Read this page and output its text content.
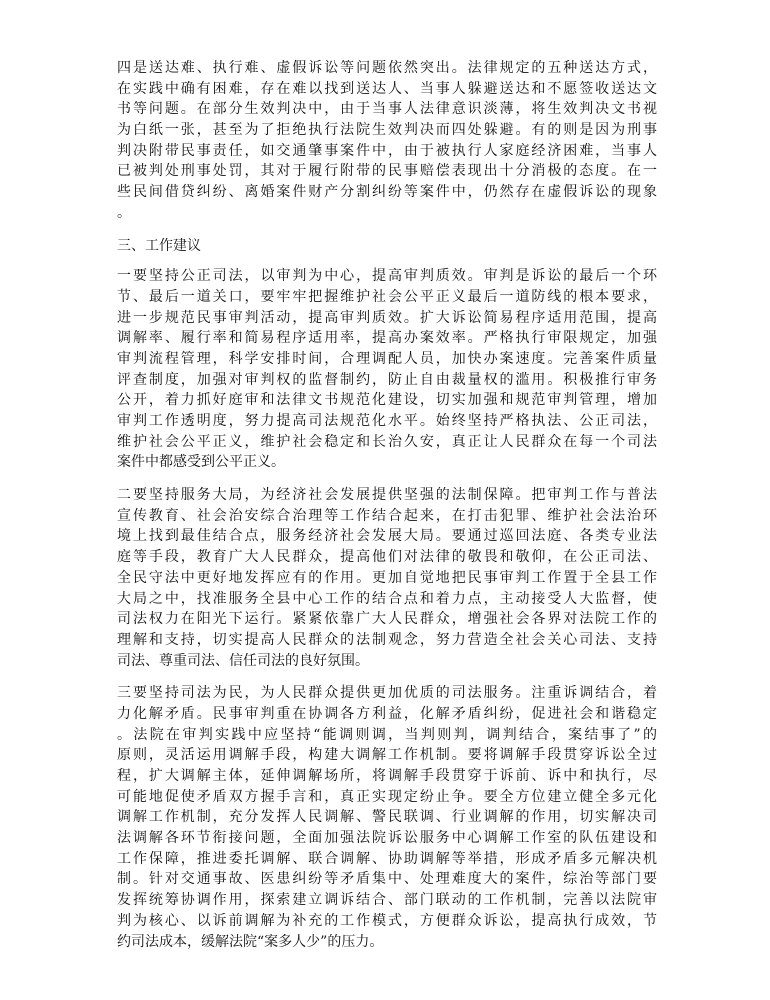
四是送达难、执行难、虚假诉讼等问题依然突出。法律规定的五种送达方式，
在实践中确有困难，存在难以找到送达人、当事人躲避送达和不愿签收送达文
书等问题。在部分生效判决中，由于当事人法律意识淡薄，将生效判决文书视
为白纸一张，甚至为了拒绝执行法院生效判决而四处躲避。有的则是因为刑事
判决附带民事责任，如交通肇事案件中，由于被执行人家庭经济困难，当事人
已被判处刑事处罚，其对于履行附带的民事赔偿表现出十分消极的态度。在一
些民间借贷纠纷、离婚案件财产分割纠纷等案件中，仍然存在虚假诉讼的现象
。
三、工作建议
一要坚持公正司法，以审判为中心，提高审判质效。审判是诉讼的最后一个环
节、最后一道关口，要牢牢把握维护社会公平正义最后一道防线的根本要求，
进一步规范民事审判活动，提高审判质效。扩大诉讼简易程序适用范围，提高
调解率、履行率和简易程序适用率，提高办案效率。严格执行审限规定，加强
审判流程管理，科学安排时间，合理调配人员，加快办案速度。完善案件质量
评查制度，加强对审判权的监督制约，防止自由裁量权的滥用。积极推行审务
公开，着力抓好庭审和法律文书规范化建设，切实加强和规范审判管理，增加
审判工作透明度，努力提高司法规范化水平。始终坚持严格执法、公正司法，
维护社会公平正义，维护社会稳定和长治久安，真正让人民群众在每一个司法
案件中都感受到公平正义。
二要坚持服务大局，为经济社会发展提供坚强的法制保障。把审判工作与普法
宣传教育、社会治安综合治理等工作结合起来，在打击犯罪、维护社会法治环
境上找到最佳结合点，服务经济社会发展大局。要通过巡回法庭、各类专业法
庭等手段，教育广大人民群众，提高他们对法律的敬畏和敬仰，在公正司法、
全民守法中更好地发挥应有的作用。更加自觉地把民事审判工作置于全县工作
大局之中，找准服务全县中心工作的结合点和着力点，主动接受人大监督，使
司法权力在阳光下运行。紧紧依靠广大人民群众，增强社会各界对法院工作的
理解和支持，切实提高人民群众的法制观念，努力营造全社会关心司法、支持
司法、尊重司法、信任司法的良好氛围。
三要坚持司法为民，为人民群众提供更加优质的司法服务。注重诉调结合，着
力化解矛盾。民事审判重在协调各方利益，化解矛盾纠纷，促进社会和谐稳定
。法院在审判实践中应坚持“能调则调，当判则判，调判结合，案结事了”的
原则，灵活运用调解手段，构建大调解工作机制。要将调解手段贯穿诉讼全过
程，扩大调解主体，延伸调解场所，将调解手段贯穿于诉前、诉中和执行，尽
可能地促使矛盾双方握手言和，真正实现定纷止争。要全方位建立健全多元化
调解工作机制，充分发挥人民调解、警民联调、行业调解的作用，切实解决司
法调解各环节衔接问题，全面加强法院诉讼服务中心调解工作室的队伍建设和
工作保障，推进委托调解、联合调解、协助调解等举措，形成矛盾多元解决机
制。针对交通事故、医患纠纷等矛盾集中、处理难度大的案件，综治等部门要
发挥统筹协调作用，探索建立调诉结合、部门联动的工作机制，完善以法院审
判为核心、以诉前调解为补充的工作模式，方便群众诉讼，提高执行成效，节
约司法成本，缓解法院“案多人少”的压力。
